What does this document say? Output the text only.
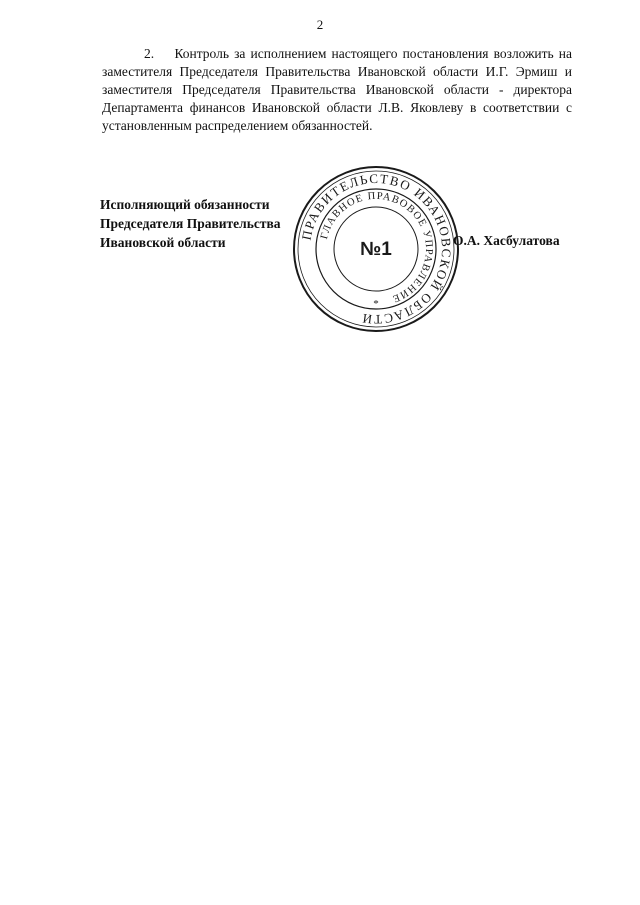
2

2.    Контроль за исполнением настоящего постановления возложить на заместителя Председателя Правительства Ивановской области И.Г. Эрмиш и заместителя Председателя Правительства Ивановской области - директора Департамента финансов Ивановской области Л.В. Яковлеву в соответствии с установленным распределением обязанностей.

Исполняющий обязанности
Председателя Правительства
Ивановской области	О.А. Хасбулатова
ПРАВИТЕЛЬСТВО ИВАНОВСКОЙ ОБЛАСТИ
ГЛАВНОЕ ПРАВОВОЕ УПРАВЛЕНИЕ
№1
*
